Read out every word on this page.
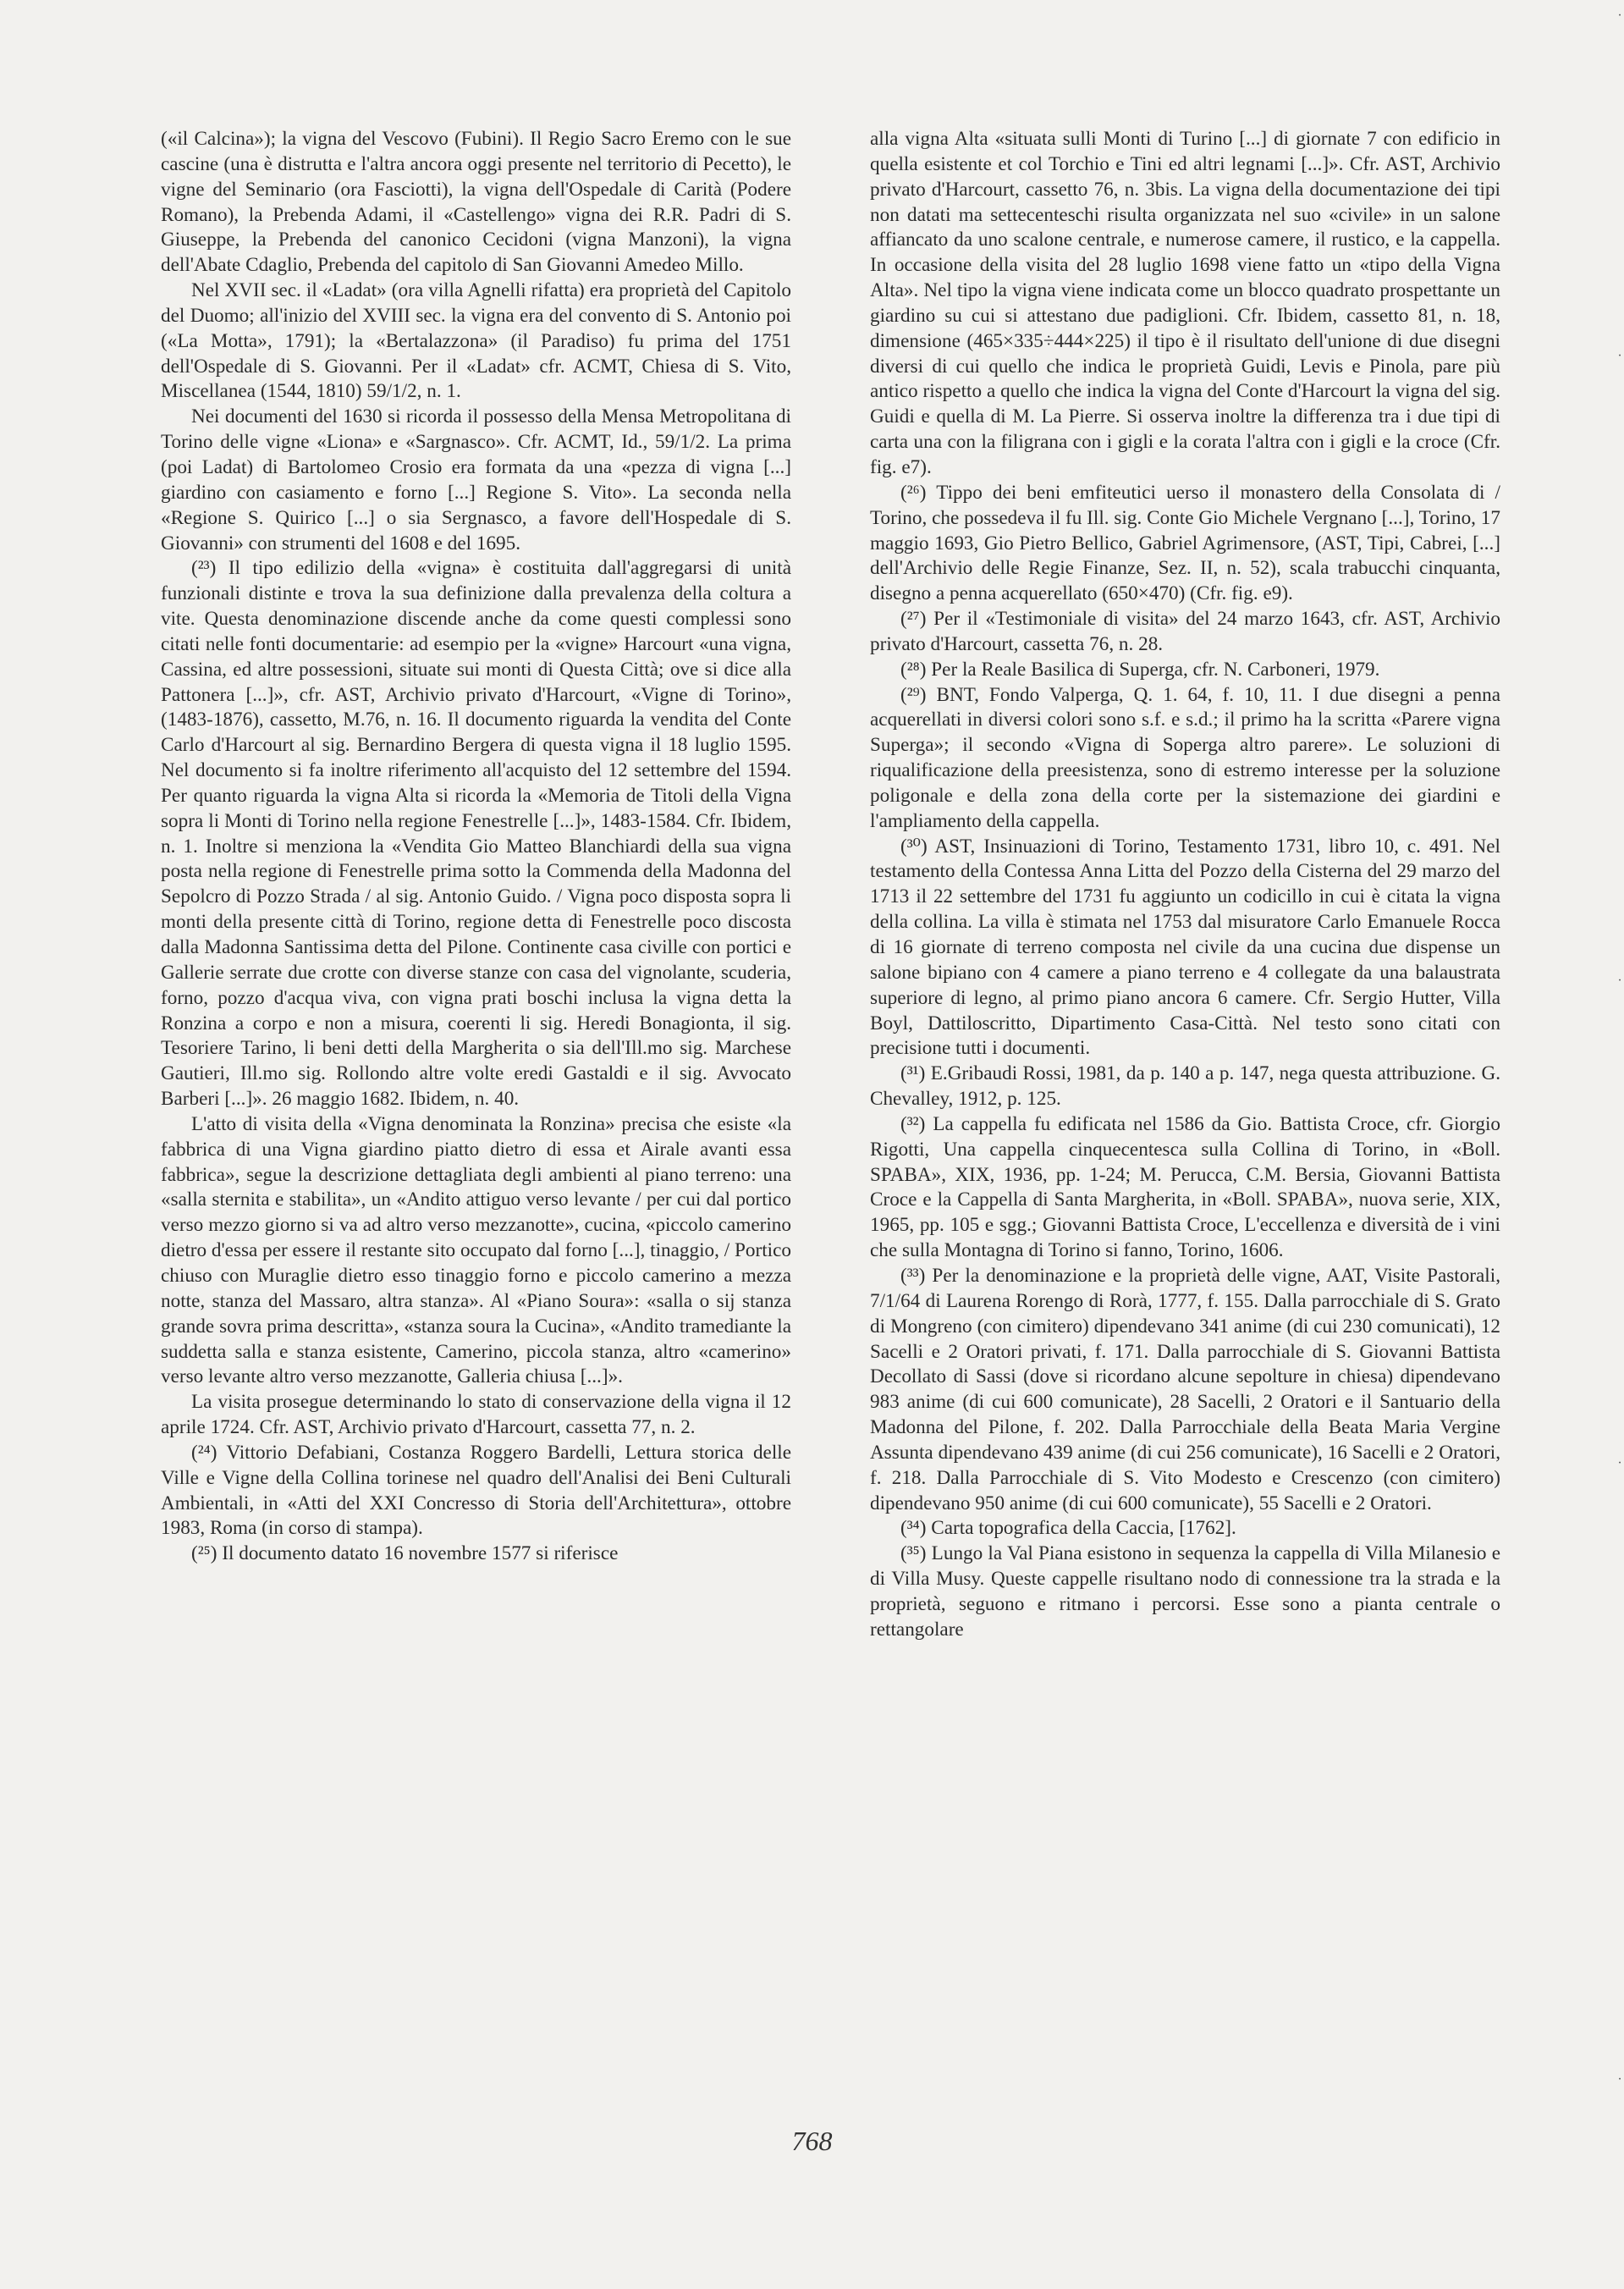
(«il Calcina»); la vigna del Vescovo (Fubini). Il Regio Sacro Eremo con le sue cascine (una è distrutta e l'altra ancora oggi presente nel territorio di Pecetto), le vigne del Seminario (ora Fasciotti), la vigna dell'Ospedale di Carità (Podere Romano), la Prebenda Adami, il «Castellengo» vigna dei R.R. Padri di S. Giuseppe, la Prebenda del canonico Cecidoni (vigna Manzoni), la vigna dell'Abate Cdaglio, Prebenda del capitolo di San Giovanni Amedeo Millo.

Nel XVII sec. il «Ladat» (ora villa Agnelli rifatta) era proprietà del Capitolo del Duomo; all'inizio del XVIII sec. la vigna era del convento di S. Antonio poi («La Motta», 1791); la «Bertalazzona» (il Paradiso) fu prima del 1751 dell'Ospedale di S. Giovanni. Per il «Ladat» cfr. ACMT, Chiesa di S. Vito, Miscellanea (1544, 1810) 59/1/2, n. 1.

Nei documenti del 1630 si ricorda il possesso della Mensa Metropolitana di Torino delle vigne «Liona» e «Sargnasco». Cfr. ACMT, Id., 59/1/2. La prima (poi Ladat) di Bartolomeo Crosio era formata da una «pezza di vigna [...] giardino con casiamento e forno [...] Regione S. Vito». La seconda nella «Regione S. Quirico [...] o sia Sergnasco, a favore dell'Hospedale di S. Giovanni» con strumenti del 1608 e del 1695.

(²³) Il tipo edilizio della «vigna» è costituita dall'aggregarsi di unità funzionali distinte e trova la sua definizione dalla prevalenza della coltura a vite. Questa denominazione discende anche da come questi complessi sono citati nelle fonti documentarie: ad esempio per la «vigne» Harcourt «una vigna, Cassina, ed altre possessioni, situate sui monti di Questa Città; ove si dice alla Pattonera [...]», cfr. AST, Archivio privato d'Harcourt, «Vigne di Torino», (1483-1876), cassetto, M.76, n. 16. Il documento riguarda la vendita del Conte Carlo d'Harcourt al sig. Bernardino Bergera di questa vigna il 18 luglio 1595. Nel documento si fa inoltre riferimento all'acquisto del 12 settembre del 1594. Per quanto riguarda la vigna Alta si ricorda la «Memoria de Titoli della Vigna sopra li Monti di Torino nella regione Fenestrelle [...]», 1483-1584. Cfr. Ibidem, n. 1. Inoltre si menziona la «Vendita Gio Matteo Blanchiardi della sua vigna posta nella regione di Fenestrelle prima sotto la Commenda della Madonna del Sepolcro di Pozzo Strada / al sig. Antonio Guido. / Vigna poco disposta sopra li monti della presente città di Torino, regione detta di Fenestrelle poco discosta dalla Madonna Santissima detta del Pilone. Continente casa civille con portici e Gallerie serrate due crotte con diverse stanze con casa del vignolante, scuderia, forno, pozzo d'acqua viva, con vigna prati boschi inclusa la vigna detta la Ronzina a corpo e non a misura, coerenti li sig. Heredi Bonagionta, il sig. Tesoriere Tarino, li beni detti della Margherita o sia dell'Ill.mo sig. Marchese Gautieri, Ill.mo sig. Rollondo altre volte eredi Gastaldi e il sig. Avvocato Barberi [...]». 26 maggio 1682. Ibidem, n. 40.

L'atto di visita della «Vigna denominata la Ronzina» precisa che esiste «la fabbrica di una Vigna giardino piatto dietro di essa et Airale avanti essa fabbrica», segue la descrizione dettagliata degli ambienti al piano terreno: una «salla sternita e stabilita», un «Andito attiguo verso levante / per cui dal portico verso mezzo giorno si va ad altro verso mezzanotte», cucina, «piccolo camerino dietro d'essa per essere il restante sito occupato dal forno [...], tinaggio, / Portico chiuso con Muraglie dietro esso tinaggio forno e piccolo camerino a mezza notte, stanza del Massaro, altra stanza». Al «Piano Soura»: «salla o sij stanza grande sovra prima descritta», «stanza soura la Cucina», «Andito tramediante la suddetta salla e stanza esistente, Camerino, piccola stanza, altro «camerino» verso levante altro verso mezzanotte, Galleria chiusa [...]».

La visita prosegue determinando lo stato di conservazione della vigna il 12 aprile 1724. Cfr. AST, Archivio privato d'Harcourt, cassetta 77, n. 2.

(²⁴) Vittorio Defabiani, Costanza Roggero Bardelli, Lettura storica delle Ville e Vigne della Collina torinese nel quadro dell'Analisi dei Beni Culturali Ambientali, in «Atti del XXI Concresso di Storia dell'Architettura», ottobre 1983, Roma (in corso di stampa).

(²⁵) Il documento datato 16 novembre 1577 si riferisce

alla vigna Alta «situata sulli Monti di Turino [...] di giornate 7 con edificio in quella esistente et col Torchio e Tini ed altri legnami [...]». Cfr. AST, Archivio privato d'Harcourt, cassetto 76, n. 3bis. La vigna della documentazione dei tipi non datati ma settecenteschi risulta organizzata nel suo «civile» in un salone affiancato da uno scalone centrale, e numerose camere, il rustico, e la cappella. In occasione della visita del 28 luglio 1698 viene fatto un «tipo della Vigna Alta». Nel tipo la vigna viene indicata come un blocco quadrato prospettante un giardino su cui si attestano due padiglioni. Cfr. Ibidem, cassetto 81, n. 18, dimensione (465×335÷444×225) il tipo è il risultato dell'unione di due disegni diversi di cui quello che indica le proprietà Guidi, Levis e Pinola, pare più antico rispetto a quello che indica la vigna del Conte d'Harcourt la vigna del sig. Guidi e quella di M. La Pierre. Si osserva inoltre la differenza tra i due tipi di carta una con la filigrana con i gigli e la corata l'altra con i gigli e la croce (Cfr. fig. e7).

(²⁶) Tippo dei beni emfiteutici uerso il monastero della Consolata di / Torino, che possedeva il fu Ill. sig. Conte Gio Michele Vergnano [...], Torino, 17 maggio 1693, Gio Pietro Bellico, Gabriel Agrimensore, (AST, Tipi, Cabrei, [...] dell'Archivio delle Regie Finanze, Sez. II, n. 52), scala trabucchi cinquanta, disegno a penna acquerellato (650×470) (Cfr. fig. e9).

(²⁷) Per il «Testimoniale di visita» del 24 marzo 1643, cfr. AST, Archivio privato d'Harcourt, cassetta 76, n. 28.

(²⁸) Per la Reale Basilica di Superga, cfr. N. Carboneri, 1979.

(²⁹) BNT, Fondo Valperga, Q. 1. 64, f. 10, 11. I due disegni a penna acquerellati in diversi colori sono s.f. e s.d.; il primo ha la scritta «Parere vigna Superga»; il secondo «Vigna di Soperga altro parere». Le soluzioni di riqualificazione della preesistenza, sono di estremo interesse per la soluzione poligonale e della zona della corte per la sistemazione dei giardini e l'ampliamento della cappella.

(³⁰) AST, Insinuazioni di Torino, Testamento 1731, libro 10, c. 491. Nel testamento della Contessa Anna Litta del Pozzo della Cisterna del 29 marzo del 1713 il 22 settembre del 1731 fu aggiunto un codicillo in cui è citata la vigna della collina. La villa è stimata nel 1753 dal misuratore Carlo Emanuele Rocca di 16 giornate di terreno composta nel civile da una cucina due dispense un salone bipiano con 4 camere a piano terreno e 4 collegate da una balaustrata superiore di legno, al primo piano ancora 6 camere. Cfr. Sergio Hutter, Villa Boyl, Dattiloscritto, Dipartimento Casa-Città. Nel testo sono citati con precisione tutti i documenti.

(³¹) E.Gribaudi Rossi, 1981, da p. 140 a p. 147, nega questa attribuzione. G. Chevalley, 1912, p. 125.

(³²) La cappella fu edificata nel 1586 da Gio. Battista Croce, cfr. Giorgio Rigotti, Una cappella cinquecentesca sulla Collina di Torino, in «Boll. SPABA», XIX, 1936, pp. 1-24; M. Perucca, C.M. Bersia, Giovanni Battista Croce e la Cappella di Santa Margherita, in «Boll. SPABA», nuova serie, XIX, 1965, pp. 105 e sgg.; Giovanni Battista Croce, L'eccellenza e diversità de i vini che sulla Montagna di Torino si fanno, Torino, 1606.

(³³) Per la denominazione e la proprietà delle vigne, AAT, Visite Pastorali, 7/1/64 di Laurena Rorengo di Rorà, 1777, f. 155. Dalla parrocchiale di S. Grato di Mongreno (con cimitero) dipendevano 341 anime (di cui 230 comunicati), 12 Sacelli e 2 Oratori privati, f. 171. Dalla parrocchiale di S. Giovanni Battista Decollato di Sassi (dove si ricordano alcune sepolture in chiesa) dipendevano 983 anime (di cui 600 comunicate), 28 Sacelli, 2 Oratori e il Santuario della Madonna del Pilone, f. 202. Dalla Parrocchiale della Beata Maria Vergine Assunta dipendevano 439 anime (di cui 256 comunicate), 16 Sacelli e 2 Oratori, f. 218. Dalla Parrocchiale di S. Vito Modesto e Crescenzo (con cimitero) dipendevano 950 anime (di cui 600 comunicate), 55 Sacelli e 2 Oratori.

(³⁴) Carta topografica della Caccia, [1762].

(³⁵) Lungo la Val Piana esistono in sequenza la cappella di Villa Milanesio e di Villa Musy. Queste cappelle risultano nodo di connessione tra la strada e la proprietà, seguono e ritmano i percorsi. Esse sono a pianta centrale o rettangolare

768
·
·
·
·
·
